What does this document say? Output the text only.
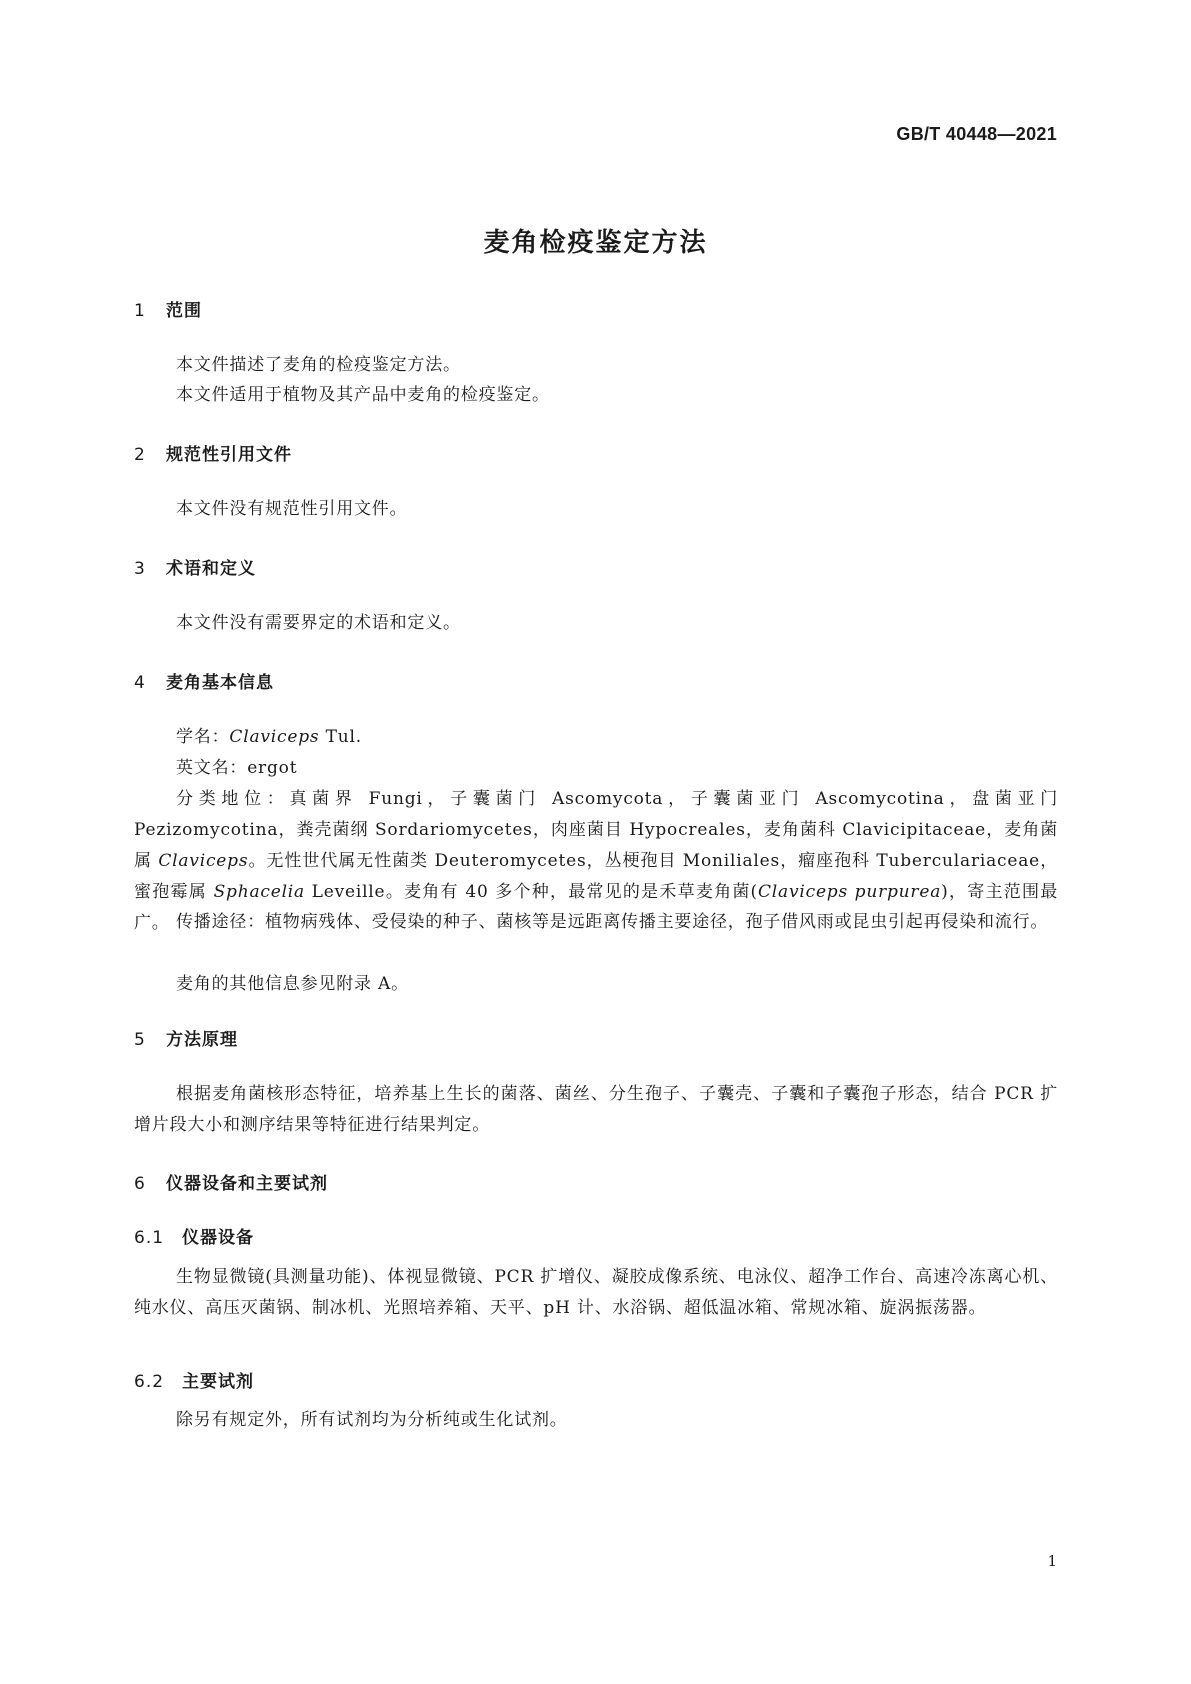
GB/T 40448—2021
麦角检疫鉴定方法
1 范围
本文件描述了麦角的检疫鉴定方法。
本文件适用于植物及其产品中麦角的检疫鉴定。
2 规范性引用文件
本文件没有规范性引用文件。
3 术语和定义
本文件没有需要界定的术语和定义。
4 麦角基本信息
学名：Claviceps Tul.
英文名：ergot
分类地位：真菌界 Fungi，子囊菌门 Ascomycota，子囊菌亚门 Ascomycotina，盘菌亚门 Pezizomycotina，粪壳菌纲 Sordariomycetes，肉座菌目 Hypocreales，麦角菌科 Clavicipitaceae，麦角菌属 Claviceps。无性世代属无性菌类 Deuteromycetes，丛梗孢目 Moniliales，瘤座孢科 Tuberculariaceae，蜜孢霉属 Sphacelia Leveille。麦角有 40 多个种，最常见的是禾草麦角菌(Claviceps purpurea)，寄主范围最广。 传播途径：植物病残体、受侵染的种子、菌核等是远距离传播主要途径，孢子借风雨或昆虫引起再侵染和流行。
麦角的其他信息参见附录 A。
5 方法原理
根据麦角菌核形态特征，培养基上生长的菌落、菌丝、分生孢子、子囊壳、子囊和子囊孢子形态，结合 PCR 扩增片段大小和测序结果等特征进行结果判定。
6 仪器设备和主要试剂
6.1 仪器设备
生物显微镜(具测量功能)、体视显微镜、PCR 扩增仪、凝胶成像系统、电泳仪、超净工作台、高速冷冻离心机、纯水仪、高压灭菌锅、制冰机、光照培养箱、天平、pH 计、水浴锅、超低温冰箱、常规冰箱、旋涡振荡器。
6.2 主要试剂
除另有规定外，所有试剂均为分析纯或生化试剂。
1
